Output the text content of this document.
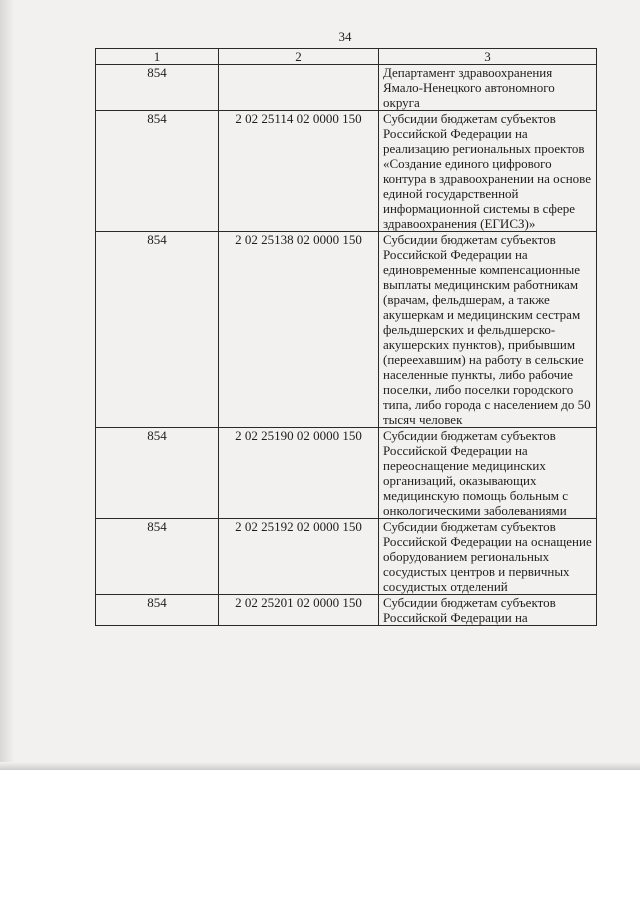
34
1	2	3
854		Департамент здравоохранения Ямало-Ненецкого автономного округа
854	2 02 25114 02 0000 150	Субсидии бюджетам субъектов Российской Федерации на реализацию региональных проектов «Создание единого цифрового контура в здравоохранении на основе единой государственной информационной системы в сфере здравоохранения (ЕГИСЗ)»
854	2 02 25138 02 0000 150	Субсидии бюджетам субъектов Российской Федерации на единовременные компенсационные выплаты медицинским работникам (врачам, фельдшерам, а также акушеркам и медицинским сестрам фельдшерских и фельдшерско-акушерских пунктов), прибывшим (переехавшим) на работу в сельские населенные пункты, либо рабочие поселки, либо поселки городского типа, либо города с населением до 50 тысяч человек
854	2 02 25190 02 0000 150	Субсидии бюджетам субъектов Российской Федерации на переоснащение медицинских организаций, оказывающих медицинскую помощь больным с онкологическими заболеваниями
854	2 02 25192 02 0000 150	Субсидии бюджетам субъектов Российской Федерации на оснащение оборудованием региональных сосудистых центров и первичных сосудистых отделений
854	2 02 25201 02 0000 150	Субсидии бюджетам субъектов Российской Федерации на
